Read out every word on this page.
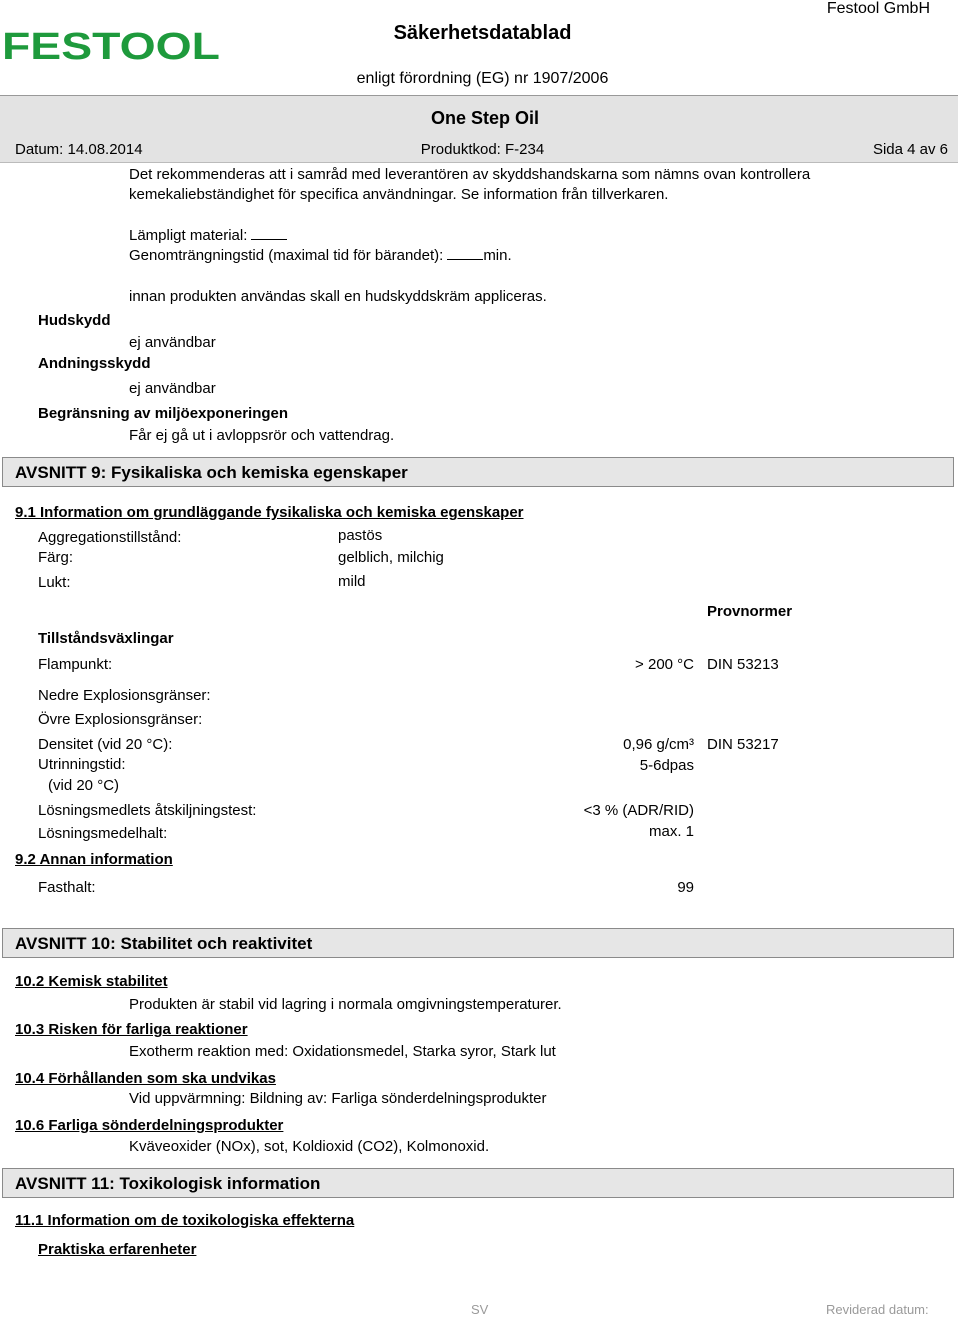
FESTOOL	Säkerhetsdatablad
Festool GmbH
enligt förordning (EG) nr 1907/2006
One Step Oil
Datum: 14.08.2014	Produktkod: F-234	Sida 4 av 6
Det rekommenderas att i samråd med leverantören av skyddshandskarna som nämns ovan kontrollera
kemekaliebständighet för specifica användningar. Se information från tillverkaren.
Lämpligt material:
Genomträngningstid (maximal tid för bärandet):	min.
innan produkten användas skall en hudskyddskräm appliceras.
Hudskydd
ej användbar
Andningsskydd
ej användbar
Begränsning av miljöexponeringen
Får ej gå ut i avloppsrör och vattendrag.
AVSNITT 9: Fysikaliska och kemiska egenskaper
9.1 Information om grundläggande fysikaliska och kemiska egenskaper
Aggregationstillstånd:	pastös
Färg:	gelblich, milchig
Lukt:	mild
Provnormer
Tillståndsväxlingar
Flampunkt:	> 200 °C DIN 53213
Nedre Explosionsgränser:
Övre Explosionsgränser:
Densitet (vid 20 °C):	0,96 g/cm³ DIN 53217
Utrinningstid:	5-6dpas
(vid 20 °C)
Lösningsmedlets åtskiljningstest:	<3 % (ADR/RID)
Lösningsmedelhalt:	max. 1
9.2 Annan information
Fasthalt:	99
AVSNITT 10: Stabilitet och reaktivitet
10.2 Kemisk stabilitet
Produkten är stabil vid lagring i normala omgivningstemperaturer.
10.3 Risken för farliga reaktioner
Exotherm reaktion med: Oxidationsmedel, Starka syror, Stark lut
10.4 Förhållanden som ska undvikas
Vid uppvärmning: Bildning av: Farliga sönderdelningsprodukter
10.6 Farliga sönderdelningsprodukter
Kväveoxider (NOx), sot, Koldioxid (CO2), Kolmonoxid.
AVSNITT 11: Toxikologisk information
11.1 Information om de toxikologiska effekterna
Praktiska erfarenheter
SV	Reviderad datum:
